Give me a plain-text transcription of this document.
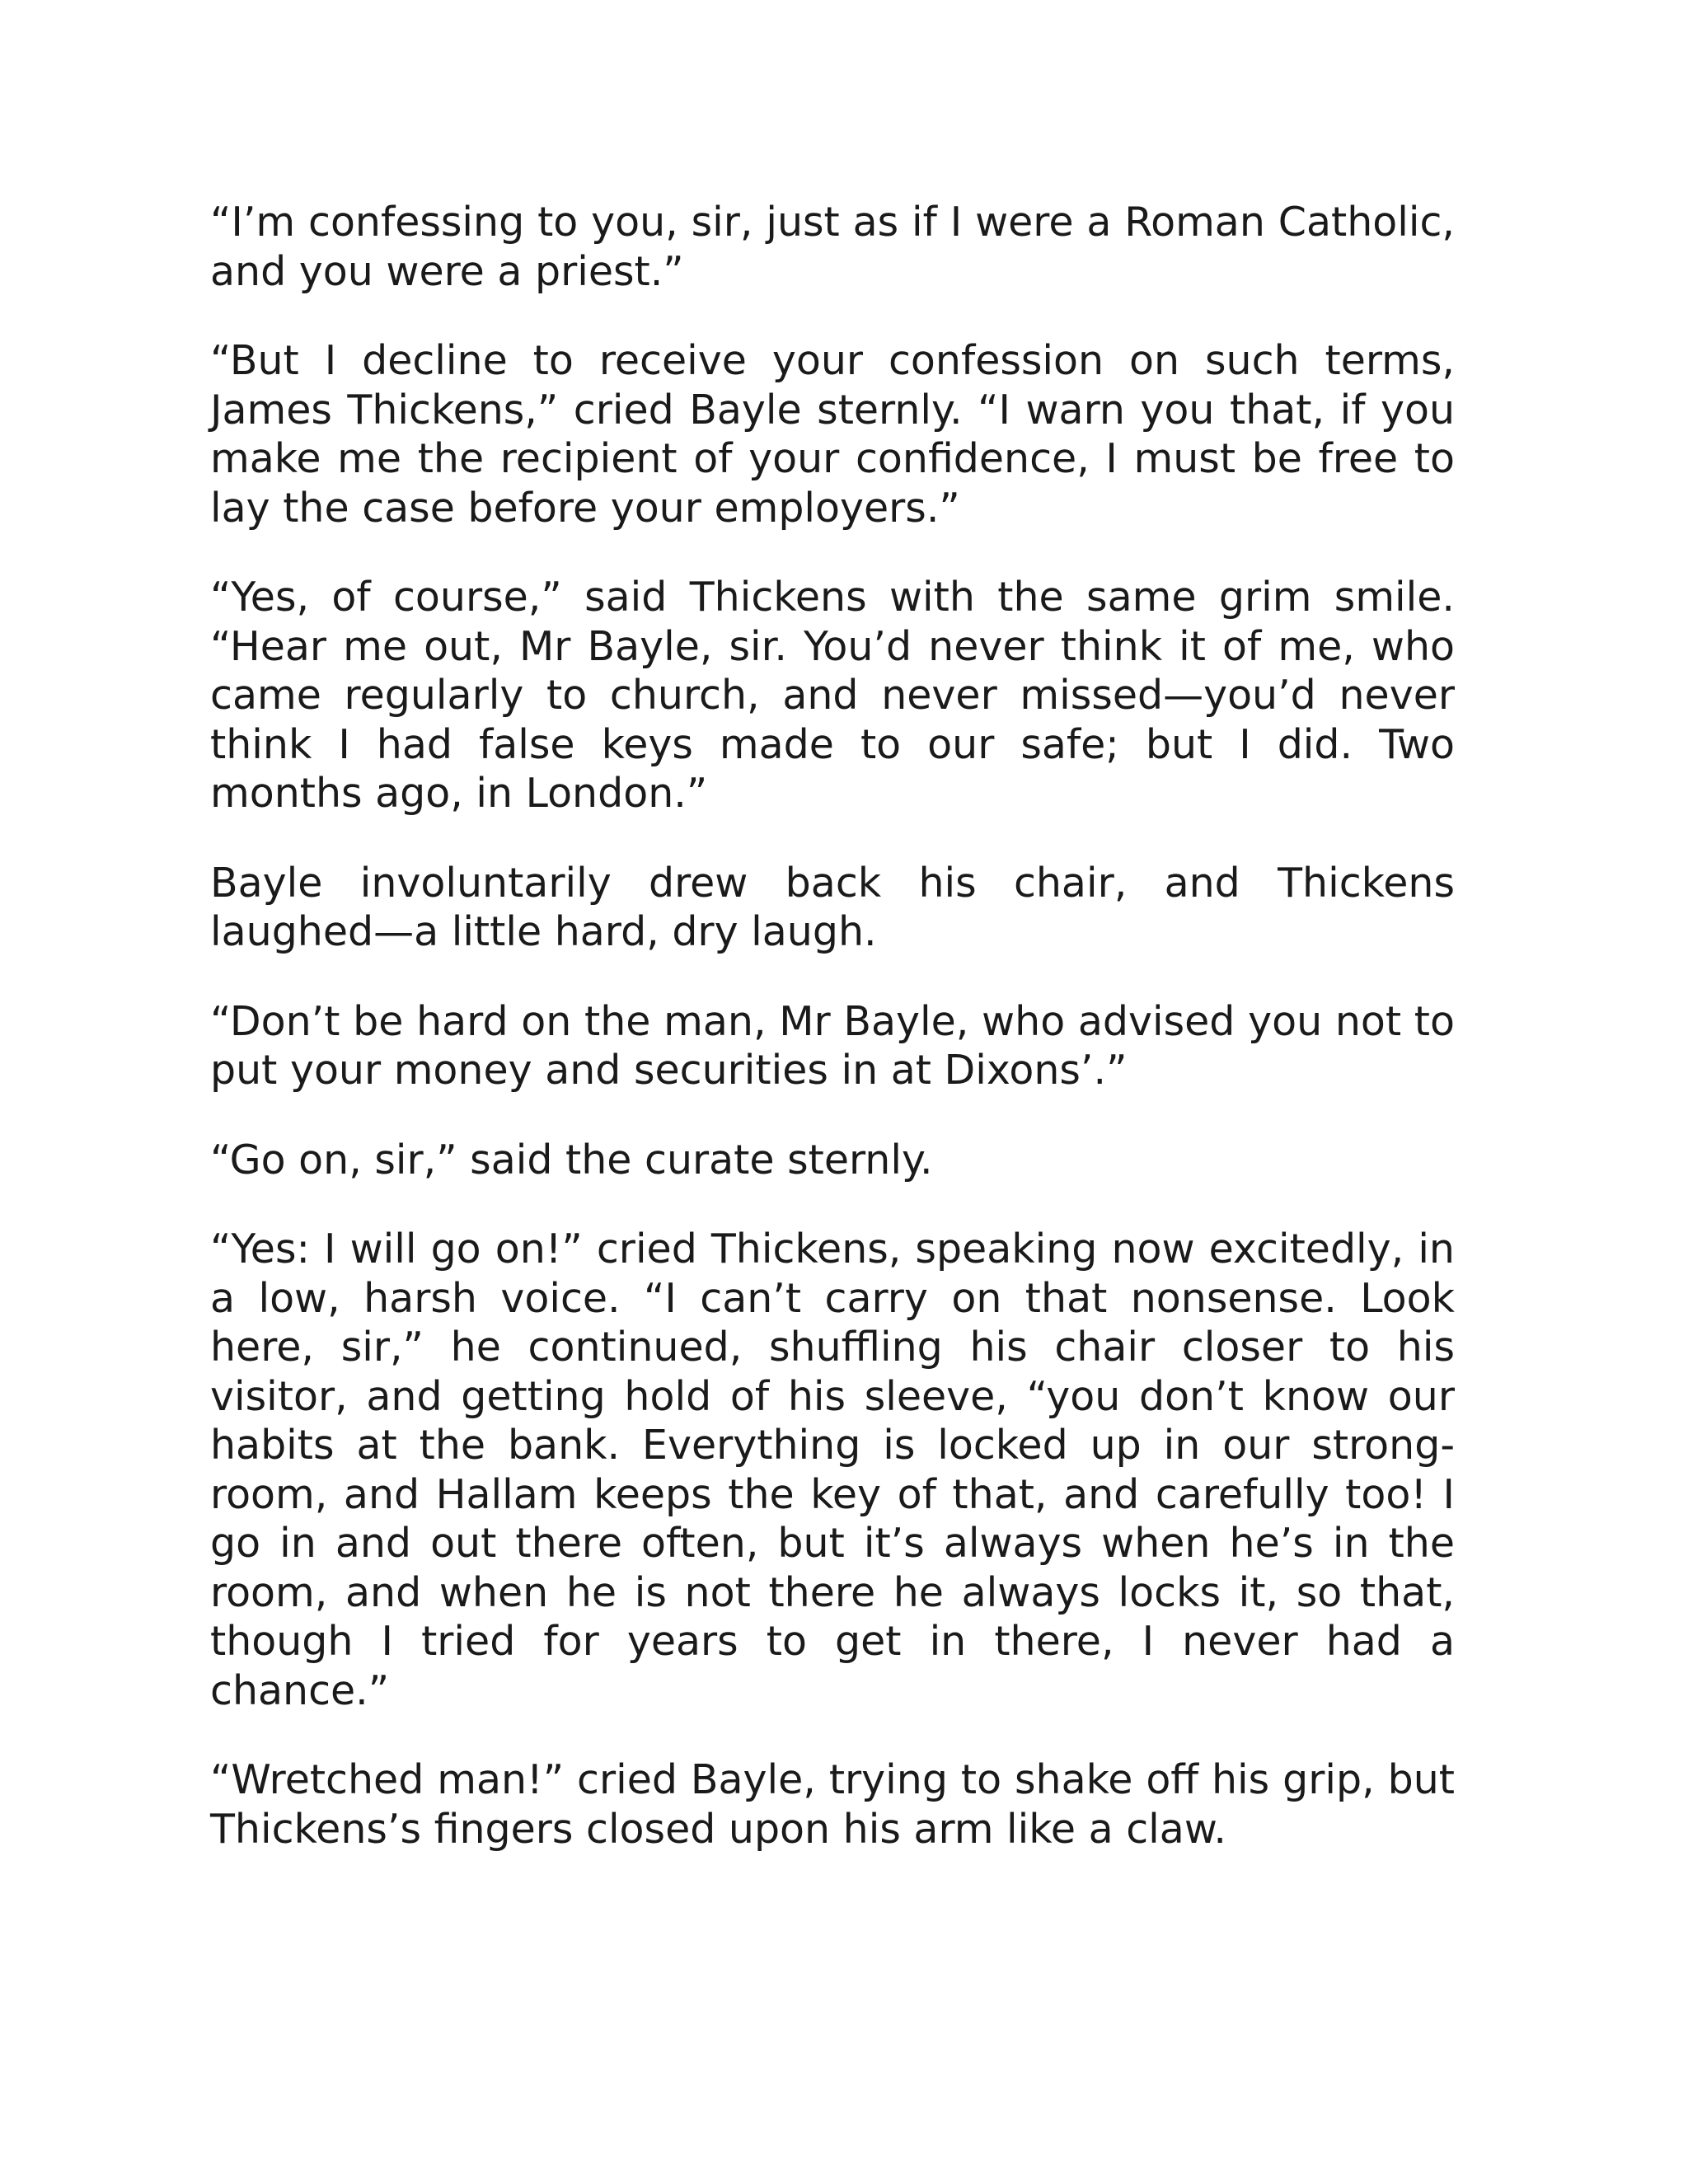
“I’m confessing to you, sir, just as if I were a Roman Catholic, and you were a priest.”

“But I decline to receive your confession on such terms, James Thickens,” cried Bayle sternly. “I warn you that, if you make me the recipient of your confidence, I must be free to lay the case before your employers.”

“Yes, of course,” said Thickens with the same grim smile. “Hear me out, Mr Bayle, sir. You’d never think it of me, who came regularly to church, and never missed—you’d never think I had false keys made to our safe; but I did. Two months ago, in London.”

Bayle involuntarily drew back his chair, and Thickens laughed—a little hard, dry laugh.

“Don’t be hard on the man, Mr Bayle, who advised you not to put your money and securities in at Dixons’.”

“Go on, sir,” said the curate sternly.

“Yes: I will go on!” cried Thickens, speaking now excitedly, in a low, harsh voice. “I can’t carry on that nonsense. Look here, sir,” he continued, shuffling his chair closer to his visitor, and getting hold of his sleeve, “you don’t know our habits at the bank. Everything is locked up in our strong-room, and Hallam keeps the key of that, and carefully too! I go in and out there often, but it’s always when he’s in the room, and when he is not there he always locks it, so that, though I tried for years to get in there, I never had a chance.”

“Wretched man!” cried Bayle, trying to shake off his grip, but Thickens’s fingers closed upon his arm like a claw.
